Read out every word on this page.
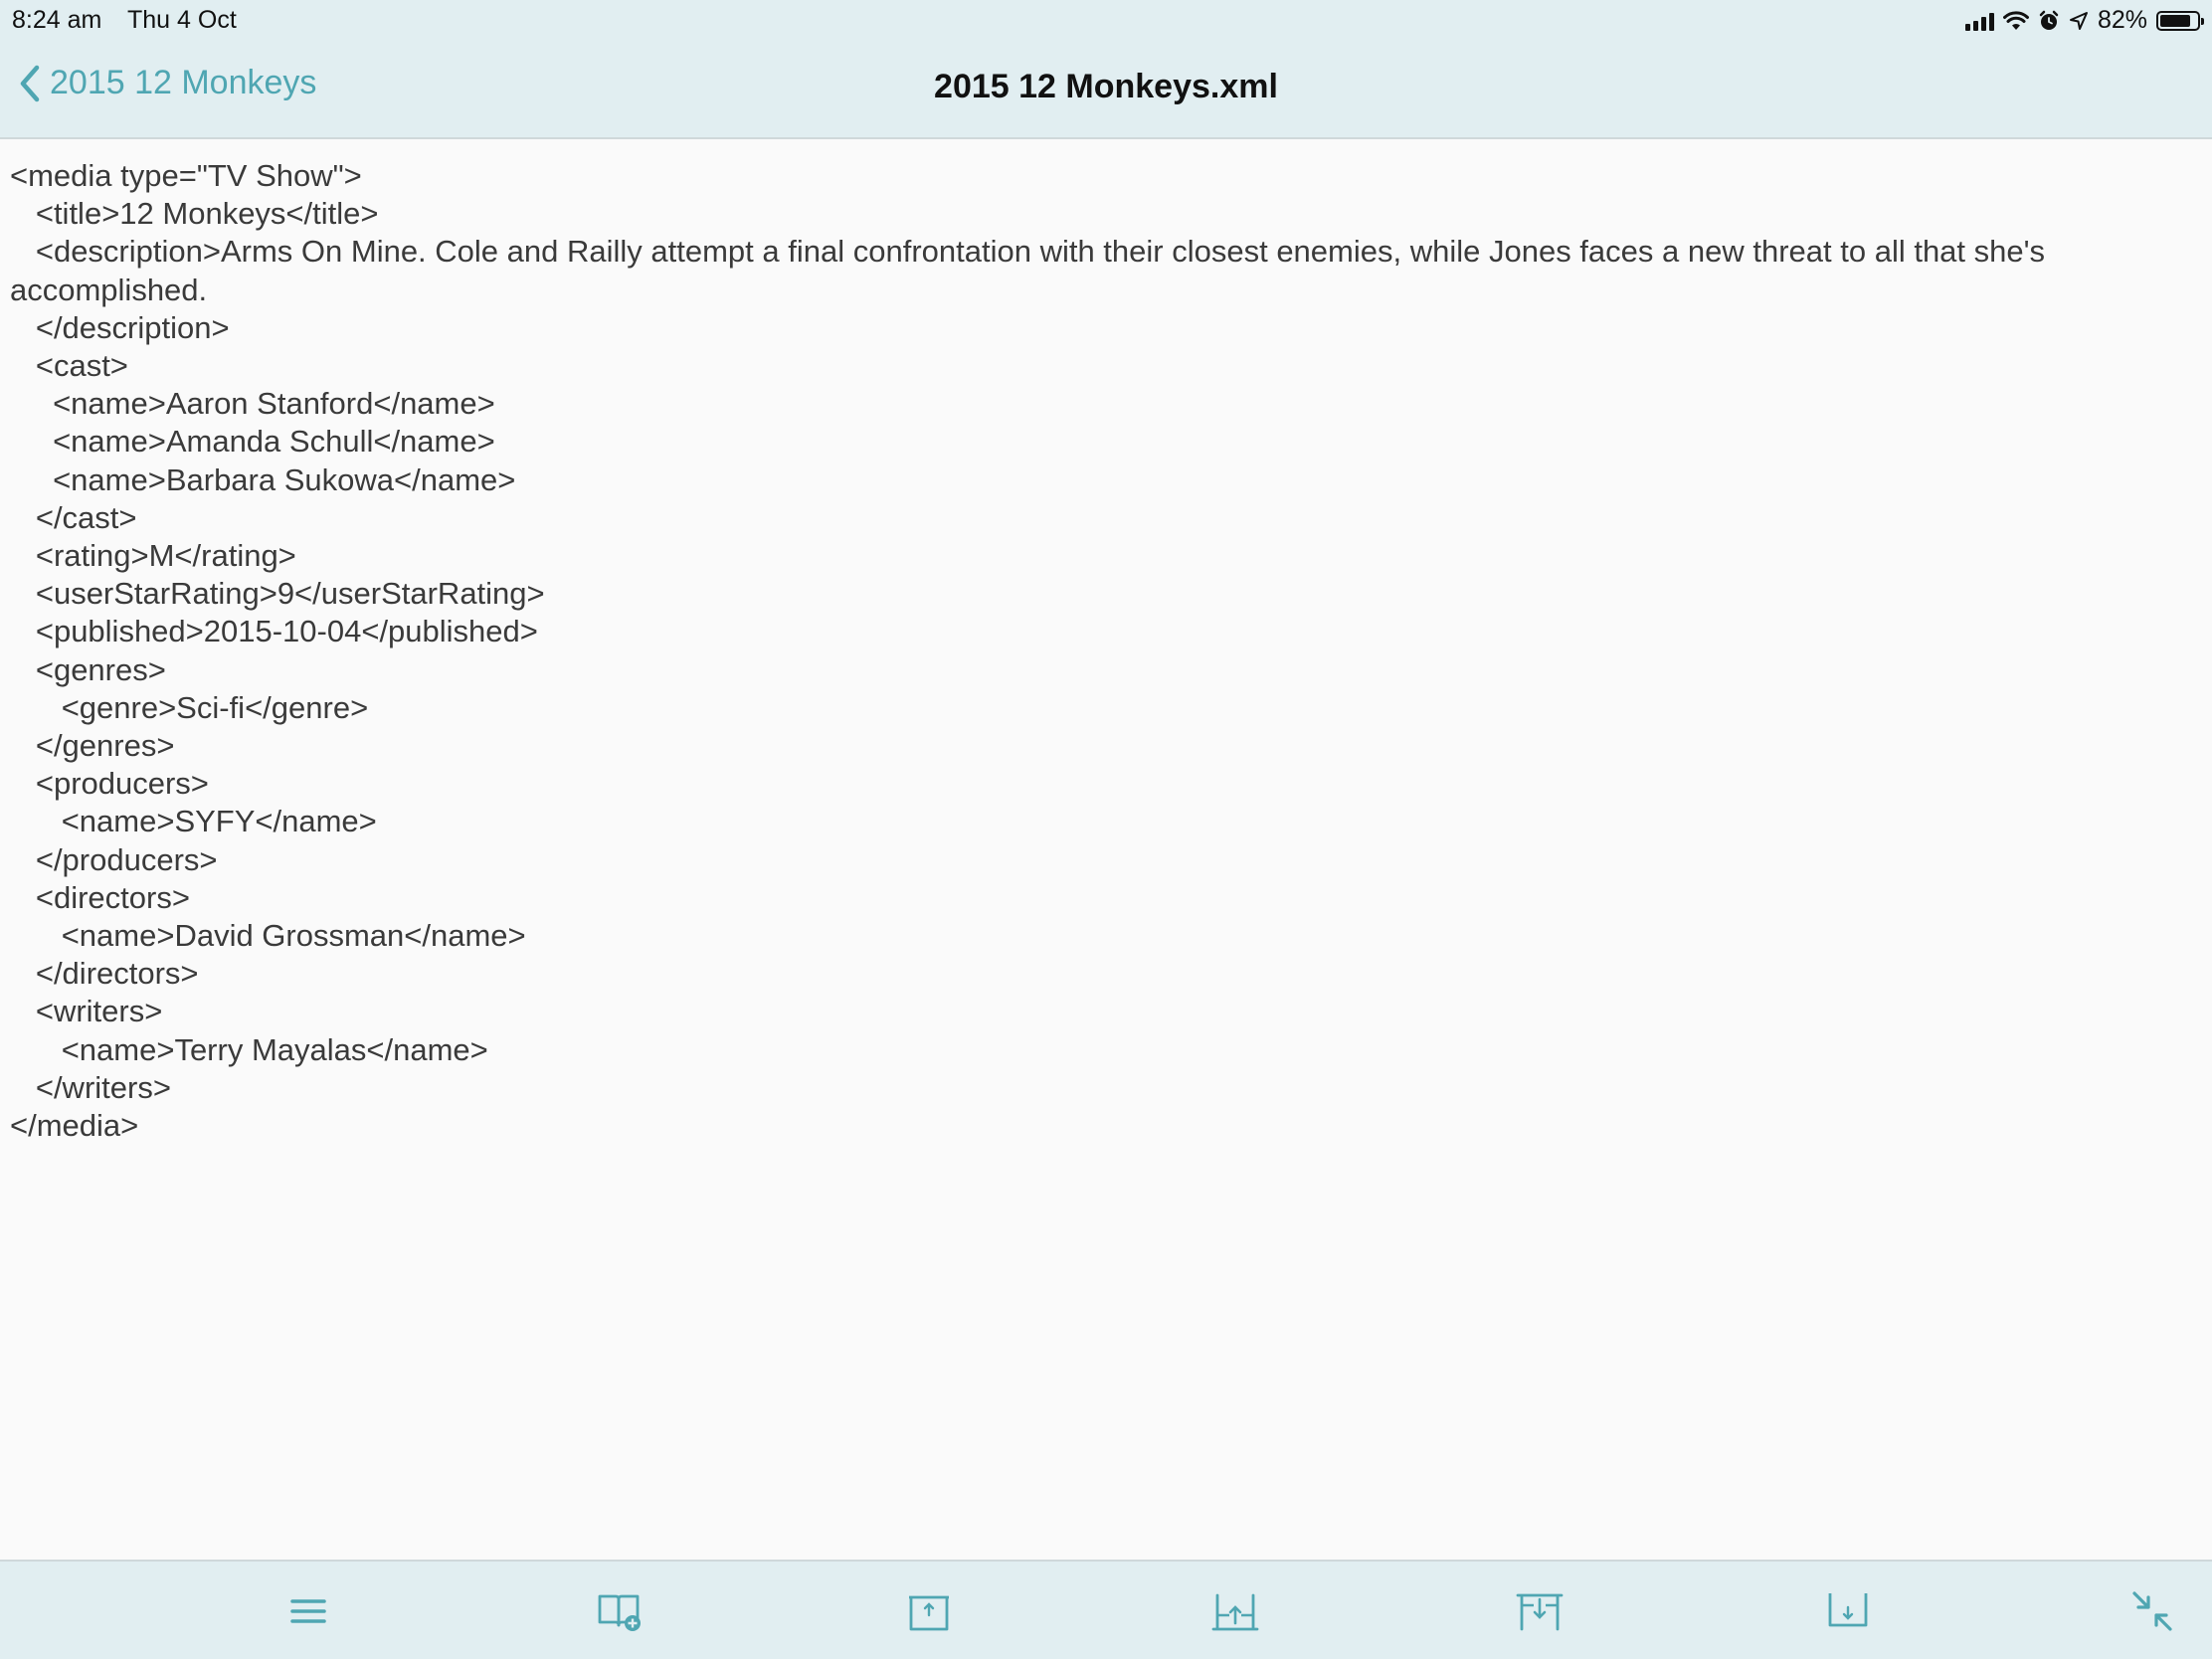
8:24 am Thu 4 Oct	82%
2015 12 Monkeys	2015 12 Monkeys.xml

<media type="TV Show">

<title>12 Monkeys</title>

<description>Arms On Mine. Cole and Railly attempt a final confrontation with their closest enemies, while Jones faces a new threat to all that she's accomplished.

</description>

<cast>

<name>Aaron Stanford</name>

<name>Amanda Schull</name>

<name>Barbara Sukowa</name>

</cast>

<rating>M</rating>

<userStarRating>9</userStarRating>

<published>2015-10-04</published>

<genres>

<genre>Sci-fi</genre>

</genres>

<producers>

<name>SYFY</name>

</producers>

<directors>

<name>David Grossman</name>

</directors>

<writers>

<name>Terry Mayalas</name>

</writers>

</media>
